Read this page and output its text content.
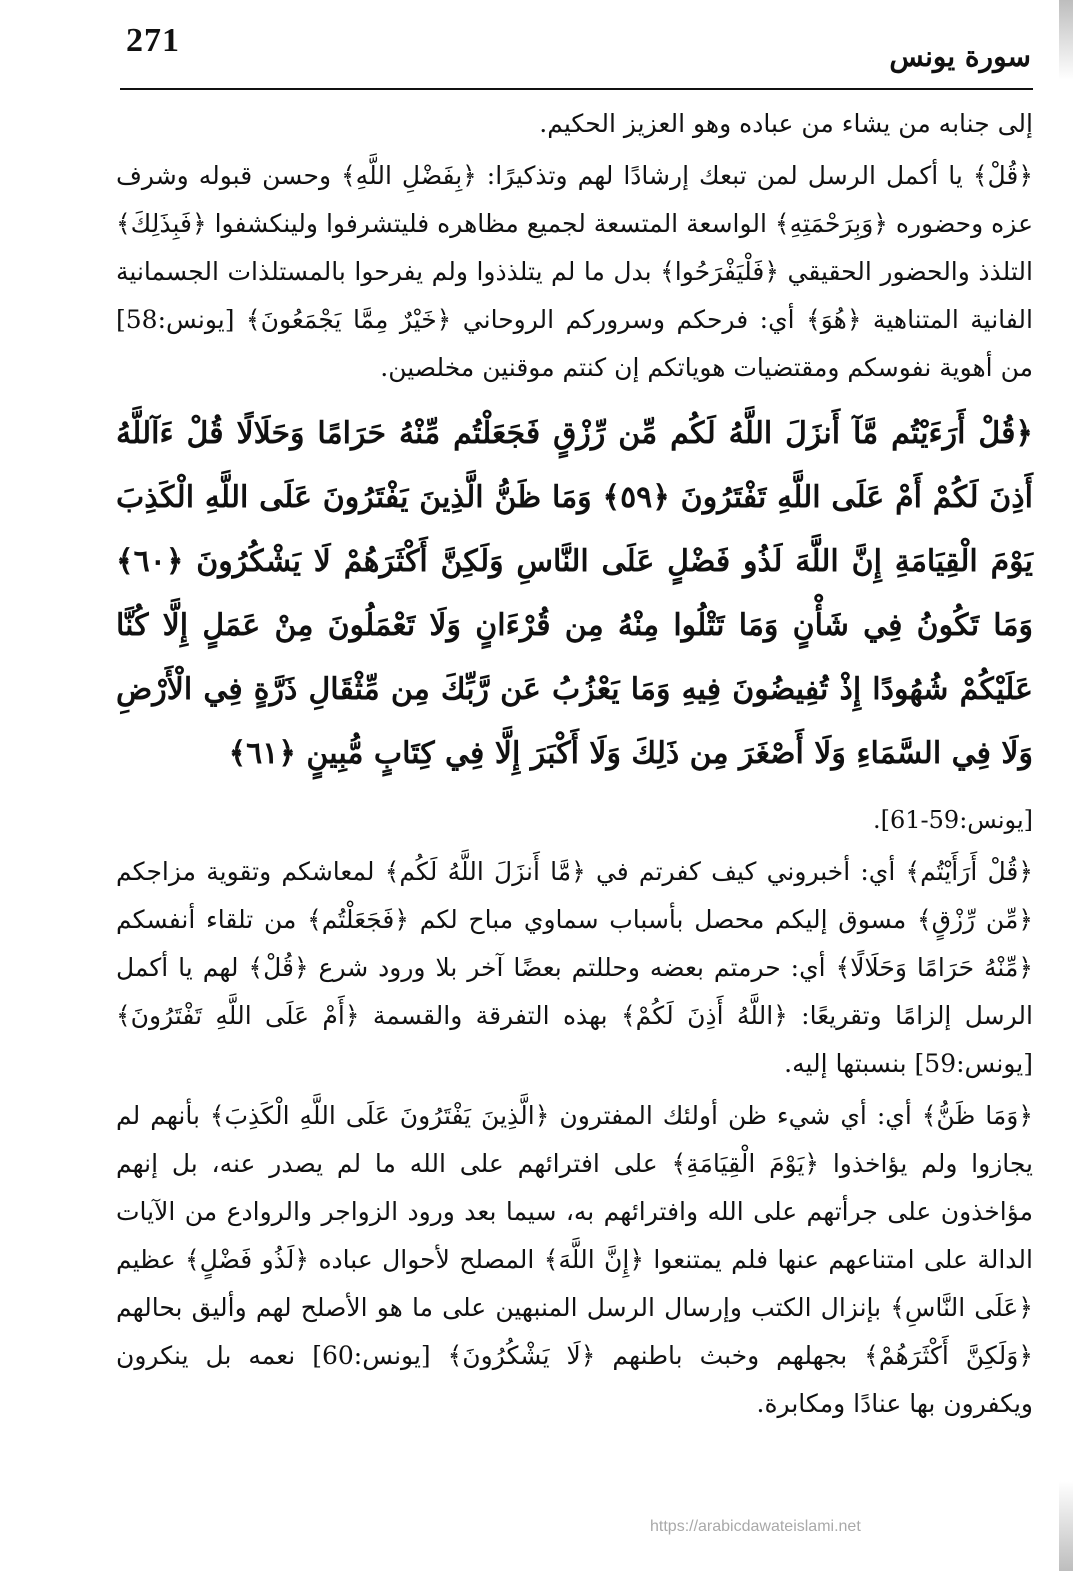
271	سورة يونس

إلى جنابه من يشاء من عباده وهو العزيز الحكيم.

﴿قُلْ﴾ يا أكمل الرسل لمن تبعك إرشادًا لهم وتذكيرًا: ﴿بِفَضْلِ اللَّهِ﴾ وحسن قبوله وشرف عزه وحضوره ﴿وَبِرَحْمَتِهِ﴾ الواسعة المتسعة لجميع مظاهره فليتشرفوا ولينكشفوا ﴿فَبِذَلِكَ﴾ التلذذ والحضور الحقيقي ﴿فَلْيَفْرَحُوا﴾ بدل ما لم يتلذذوا ولم يفرحوا بالمستلذات الجسمانية الفانية المتناهية ﴿هُوَ﴾ أي: فرحكم وسروركم الروحاني ﴿خَيْرٌ مِمَّا يَجْمَعُونَ﴾ [يونس:58] من أهوية نفوسكم ومقتضيات هوياتكم إن كنتم موقنين مخلصين.

﴿قُلْ أَرَءَيْتُم مَّآ أَنزَلَ اللَّهُ لَكُم مِّن رِّزْقٍ فَجَعَلْتُم مِّنْهُ حَرَامًا وَحَلَالًا قُلْ ءَآللَّهُ أَذِنَ لَكُمْ أَمْ عَلَى اللَّهِ تَفْتَرُونَ ﴿٥٩﴾ وَمَا ظَنُّ الَّذِينَ يَفْتَرُونَ عَلَى اللَّهِ الْكَذِبَ يَوْمَ الْقِيَامَةِ إِنَّ اللَّهَ لَذُو فَضْلٍ عَلَى النَّاسِ وَلَكِنَّ أَكْثَرَهُمْ لَا يَشْكُرُونَ ﴿٦٠﴾ وَمَا تَكُونُ فِي شَأْنٍ وَمَا تَتْلُوا مِنْهُ مِن قُرْءَانٍ وَلَا تَعْمَلُونَ مِنْ عَمَلٍ إِلَّا كُنَّا عَلَيْكُمْ شُهُودًا إِذْ تُفِيضُونَ فِيهِ وَمَا يَعْزُبُ عَن رَّبِّكَ مِن مِّثْقَالِ ذَرَّةٍ فِي الْأَرْضِ وَلَا فِي السَّمَاءِ وَلَا أَصْغَرَ مِن ذَلِكَ وَلَا أَكْبَرَ إِلَّا فِي كِتَابٍ مُّبِينٍ ﴿٦١﴾

[يونس:59-61].

﴿قُلْ أَرَأَيْتُم﴾ أي: أخبروني كيف كفرتم في ﴿مَّا أَنزَلَ اللَّهُ لَكُم﴾ لمعاشكم وتقوية مزاجكم ﴿مِّن رِّزْقٍ﴾ مسوق إليكم محصل بأسباب سماوي مباح لكم ﴿فَجَعَلْتُم﴾ من تلقاء أنفسكم ﴿مِّنْهُ حَرَامًا وَحَلَالًا﴾ أي: حرمتم بعضه وحللتم بعضًا آخر بلا ورود شرع ﴿قُلْ﴾ لهم يا أكمل الرسل إلزامًا وتقريعًا: ﴿اللَّهُ أَذِنَ لَكُمْ﴾ بهذه التفرقة والقسمة ﴿أَمْ عَلَى اللَّهِ تَفْتَرُونَ﴾ [يونس:59] بنسبتها إليه.

﴿وَمَا ظَنُّ﴾ أي: أي شيء ظن أولئك المفترون ﴿الَّذِينَ يَفْتَرُونَ عَلَى اللَّهِ الْكَذِبَ﴾ بأنهم لم يجازوا ولم يؤاخذوا ﴿يَوْمَ الْقِيَامَةِ﴾ على افترائهم على الله ما لم يصدر عنه، بل إنهم مؤاخذون على جرأتهم على الله وافترائهم به، سيما بعد ورود الزواجر والروادع من الآيات الدالة على امتناعهم عنها فلم يمتنعوا ﴿إِنَّ اللَّهَ﴾ المصلح لأحوال عباده ﴿لَذُو فَضْلٍ﴾ عظيم ﴿عَلَى النَّاسِ﴾ بإنزال الكتب وإرسال الرسل المنبهين على ما هو الأصلح لهم وأليق بحالهم ﴿وَلَكِنَّ أَكْثَرَهُمْ﴾ بجهلهم وخبث باطنهم ﴿لَا يَشْكُرُونَ﴾ [يونس:60] نعمه بل ينكرون ويكفرون بها عنادًا ومكابرة.

https://arabicdawateislami.net
